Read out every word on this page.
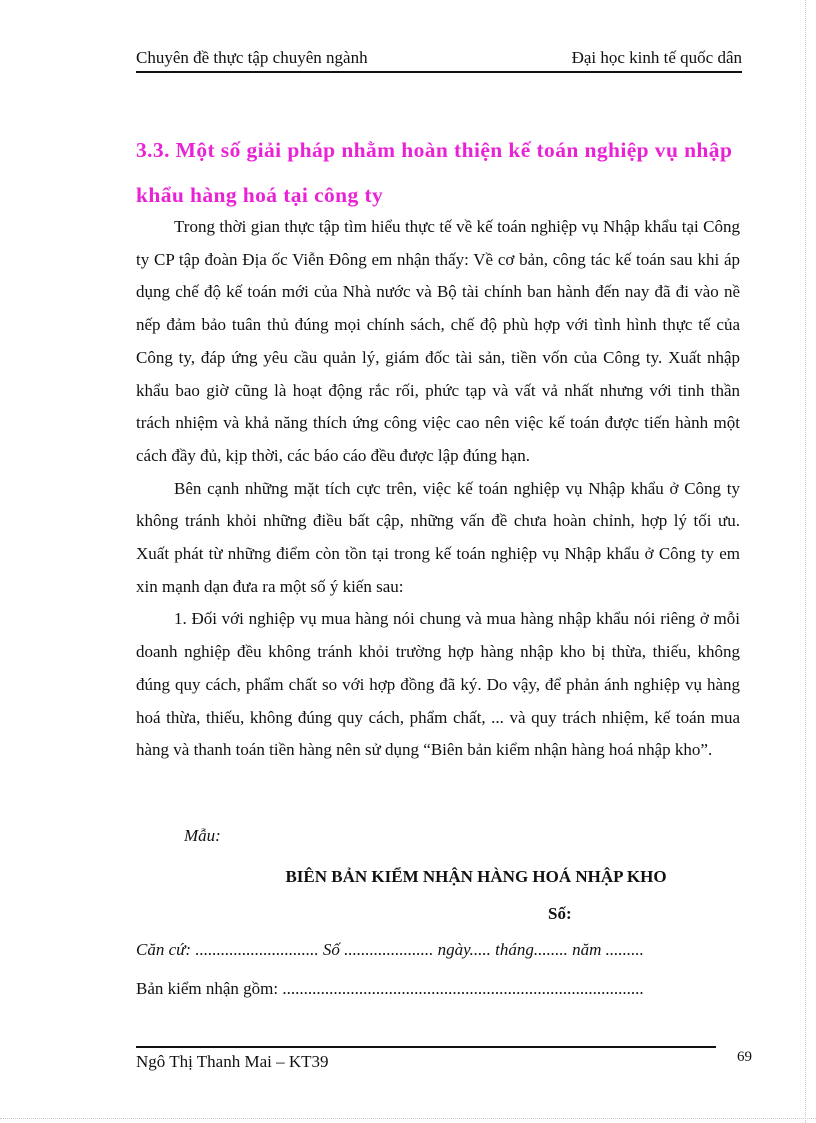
Chuyên đề thực tập chuyên ngành	Đại học kinh tế quốc dân
3.3. Một số giải pháp nhằm hoàn thiện kế toán nghiệp vụ nhập khẩu hàng hoá tại công ty

Trong thời gian thực tập tìm hiểu thực tế về kế toán nghiệp vụ Nhập khẩu tại Công ty CP tập đoàn Địa ốc Viễn Đông em nhận thấy: Về cơ bản, công tác kế toán sau khi áp dụng chế độ kế toán mới của Nhà nước và Bộ tài chính ban hành đến nay đã đi vào nề nếp đảm bảo tuân thủ đúng mọi chính sách, chế độ phù hợp với tình hình thực tế của Công ty, đáp ứng yêu cầu quản lý, giám đốc tài sản, tiền vốn của Công ty. Xuất nhập khẩu bao giờ cũng là hoạt động rắc rối, phức tạp và vất vả nhất nhưng với tinh thần trách nhiệm và khả năng thích ứng công việc cao nên việc kế toán được tiến hành một cách đầy đủ, kịp thời, các báo cáo đều được lập đúng hạn.

Bên cạnh những mặt tích cực trên, việc kế toán nghiệp vụ Nhập khẩu ở Công ty không tránh khỏi những điều bất cập, những vấn đề chưa hoàn chỉnh, hợp lý tối ưu. Xuất phát từ những điểm còn tồn tại trong kế toán nghiệp vụ Nhập khẩu ở Công ty em xin mạnh dạn đưa ra một số ý kiến sau:

1. Đối với nghiệp vụ mua hàng nói chung và mua hàng nhập khẩu nói riêng ở mỗi doanh nghiệp đều không tránh khỏi trường hợp hàng nhập kho bị thừa, thiếu, không đúng quy cách, phẩm chất so với hợp đồng đã ký. Do vậy, để phản ánh nghiệp vụ hàng hoá thừa, thiếu, không đúng quy cách, phẩm chất, ... và quy trách nhiệm, kế toán mua hàng và thanh toán tiền hàng nên sử dụng “Biên bản kiểm nhận hàng hoá nhập kho”.

Mẫu:
BIÊN BẢN KIỂM NHẬN HÀNG HOÁ NHẬP KHO
Số:
Căn cứ: ............................. Số ..................... ngày..... tháng........ năm .........
Bản kiểm nhận gồm: .....................................................................................
Ngô Thị Thanh Mai – KT39	69
